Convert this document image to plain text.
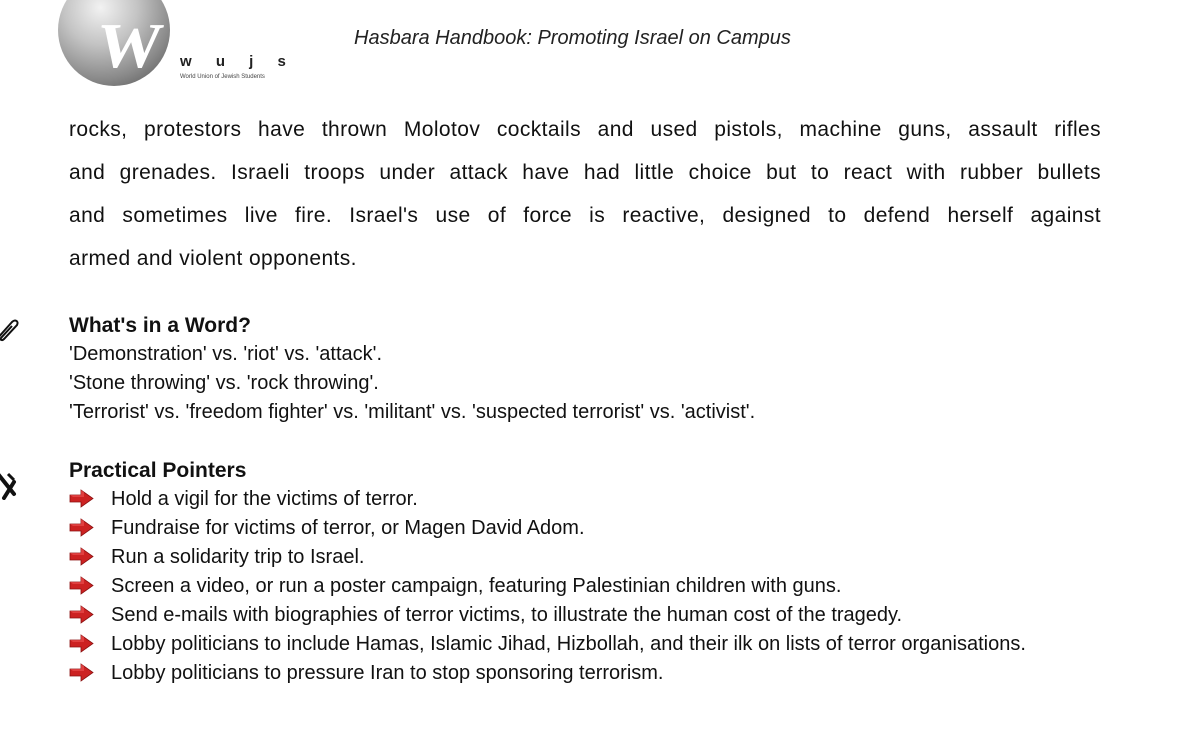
W w u j s
World Union of Jewish Students
Hasbara Handbook: Promoting Israel on Campus
rocks, protestors have thrown Molotov cocktails and used pistols, machine guns, assault rifles
and grenades. Israeli troops under attack have had little choice but to react with rubber bullets
and sometimes live fire. Israel's use of force is reactive, designed to defend herself against
armed and violent opponents.
What's in a Word?
'Demonstration' vs. 'riot' vs. 'attack'.
'Stone throwing' vs. 'rock throwing'.
'Terrorist' vs. 'freedom fighter' vs. 'militant' vs. 'suspected terrorist' vs. 'activist'.
Practical Pointers
Hold a vigil for the victims of terror.
Fundraise for victims of terror, or Magen David Adom.
Run a solidarity trip to Israel.
Screen a video, or run a poster campaign, featuring Palestinian children with guns.
Send e-mails with biographies of terror victims, to illustrate the human cost of the tragedy.
Lobby politicians to include Hamas, Islamic Jihad, Hizbollah, and their ilk on lists of terror organisations.
Lobby politicians to pressure Iran to stop sponsoring terrorism.
